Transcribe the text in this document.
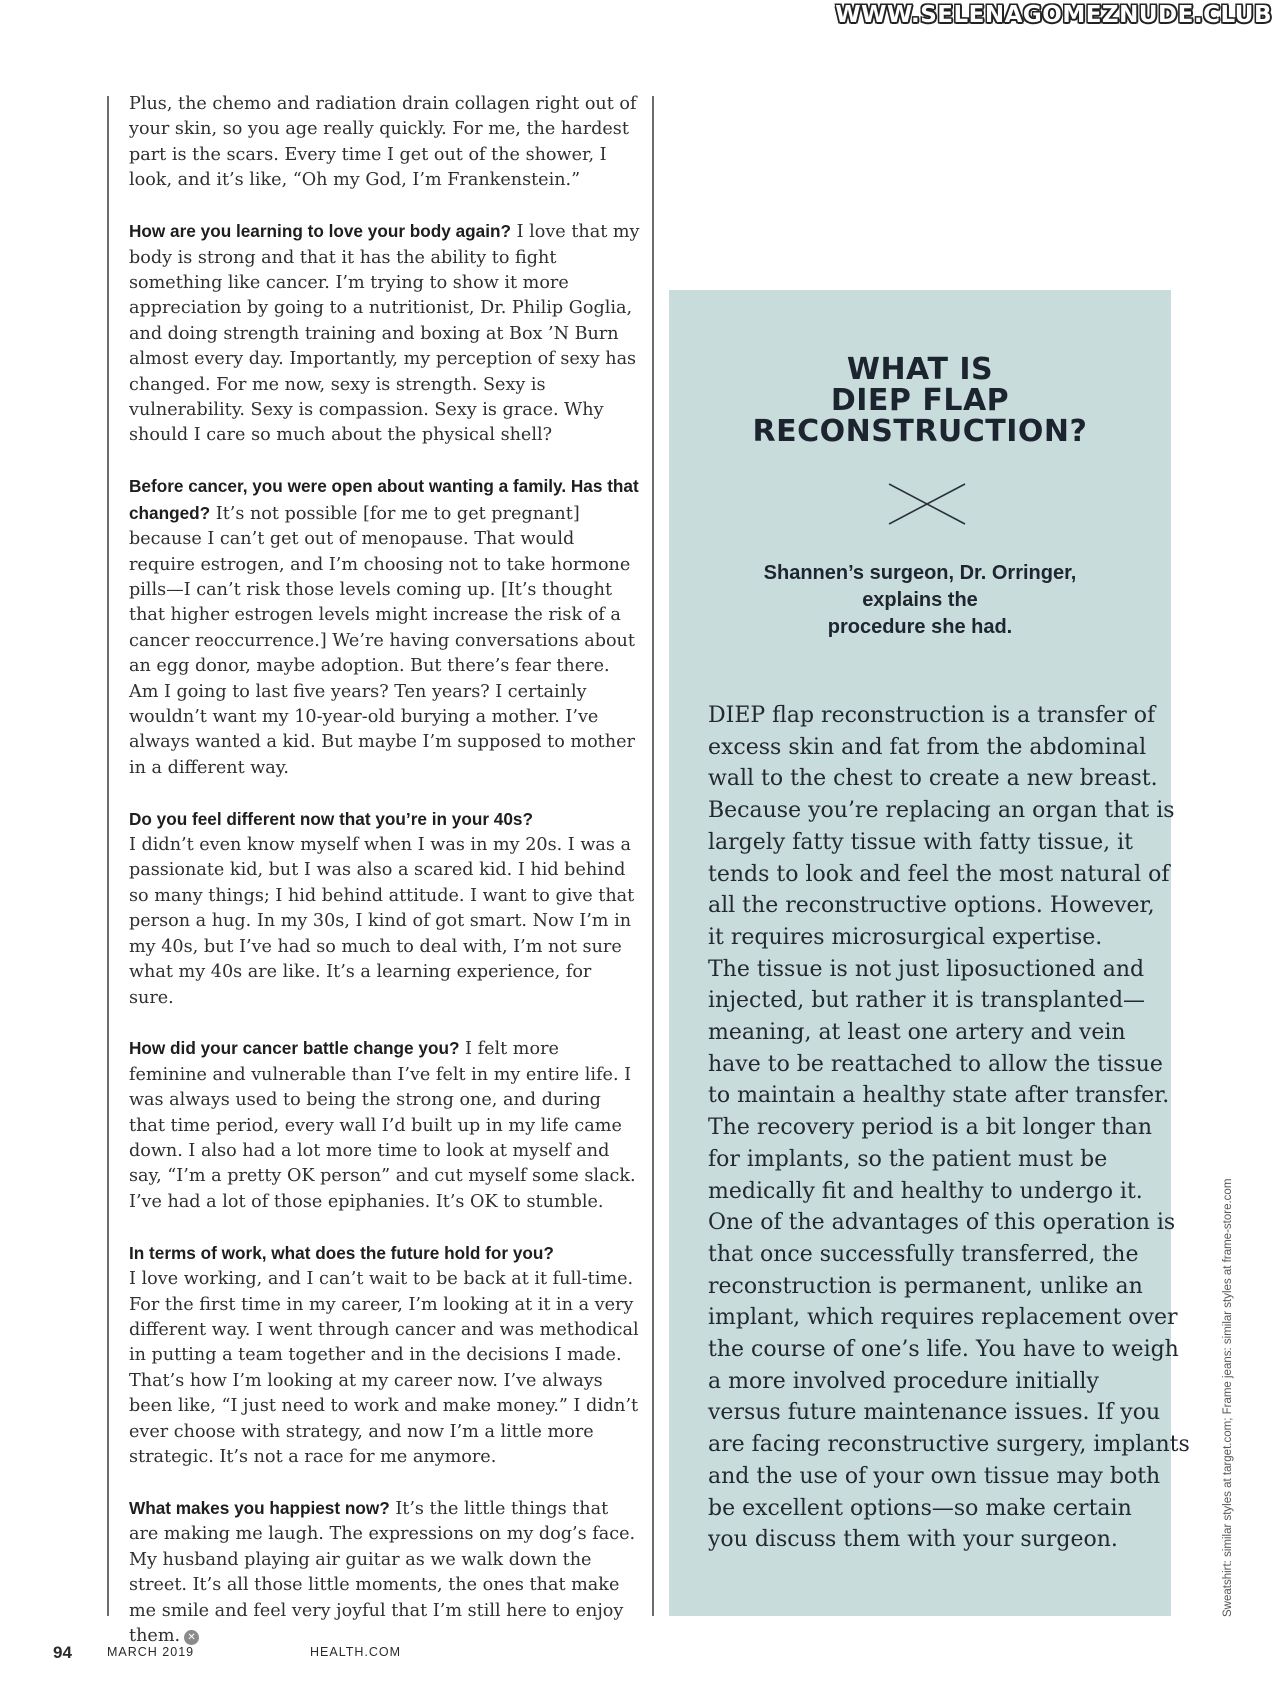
WWW.SELENAGOMEZNUDE.CLUB

Plus, the chemo and radiation drain collagen right out of your skin, so you age really quickly. For me, the hardest part is the scars. Every time I get out of the shower, I look, and it’s like, “Oh my God, I’m Frankenstein.”

How are you learning to love your body again? I love that my body is strong and that it has the ability to fight something like cancer. I’m trying to show it more appreciation by going to a nutritionist, Dr. Philip Goglia, and doing strength training and boxing at Box ’N Burn almost every day. Importantly, my perception of sexy has changed. For me now, sexy is strength. Sexy is vulnerability. Sexy is compassion. Sexy is grace. Why should I care so much about the physical shell?

Before cancer, you were open about wanting a family. Has that changed? It’s not possible [for me to get pregnant] because I can’t get out of menopause. That would require estrogen, and I’m choosing not to take hormone pills—I can’t risk those levels coming up. [It’s thought that higher estrogen levels might increase the risk of a cancer reoccurrence.] We’re having conversations about an egg donor, maybe adoption. But there’s fear there. Am I going to last five years? Ten years? I certainly wouldn’t want my 10-year-old burying a mother. I’ve always wanted a kid. But maybe I’m supposed to mother in a different way.

Do you feel different now that you’re in your 40s?
I didn’t even know myself when I was in my 20s. I was a passionate kid, but I was also a scared kid. I hid behind so many things; I hid behind attitude. I want to give that person a hug. In my 30s, I kind of got smart. Now I’m in my 40s, but I’ve had so much to deal with, I’m not sure what my 40s are like. It’s a learning experience, for sure.

How did your cancer battle change you? I felt more feminine and vulnerable than I’ve felt in my entire life. I was always used to being the strong one, and during that time period, every wall I’d built up in my life came down. I also had a lot more time to look at myself and say, “I’m a pretty OK person” and cut myself some slack. I’ve had a lot of those epiphanies. It’s OK to stumble.

In terms of work, what does the future hold for you?
I love working, and I can’t wait to be back at it full-time. For the first time in my career, I’m looking at it in a very different way. I went through cancer and was methodical in putting a team together and in the decisions I made. That’s how I’m looking at my career now. I’ve always been like, “I just need to work and make money.” I didn’t ever choose with strategy, and now I’m a little more strategic. It’s not a race for me anymore.

What makes you happiest now? It’s the little things that are making me laugh. The expressions on my dog’s face. My husband playing air guitar as we walk down the street. It’s all those little moments, the ones that make me smile and feel very joyful that I’m still here to enjoy them. ✕

WHAT IS
DIEP FLAP
RECONSTRUCTION?
Shannen’s surgeon, Dr. Orringer,
explains the
procedure she had.

DIEP flap reconstruction is a transfer of
excess skin and fat from the abdominal
wall to the chest to create a new breast.
Because you’re replacing an organ that is
largely fatty tissue with fatty tissue, it
tends to look and feel the most natural of
all the reconstructive options. However,
it requires microsurgical expertise.
The tissue is not just liposuctioned and
injected, but rather it is transplanted—
meaning, at least one artery and vein
have to be reattached to allow the tissue
to maintain a healthy state after transfer.
The recovery period is a bit longer than
for implants, so the patient must be
medically fit and healthy to undergo it.
One of the advantages of this operation is
that once successfully transferred, the
reconstruction is permanent, unlike an
implant, which requires replacement over
the course of one’s life. You have to weigh
a more involved procedure initially
versus future maintenance issues. If you
are facing reconstructive surgery, implants
and the use of your own tissue may both
be excellent options—so make certain
you discuss them with your surgeon.	Sweatshirt: similar styles at target.com; Frame jeans: similar styles at frame-store.com
94	MARCH 2019	HEALTH.COM
